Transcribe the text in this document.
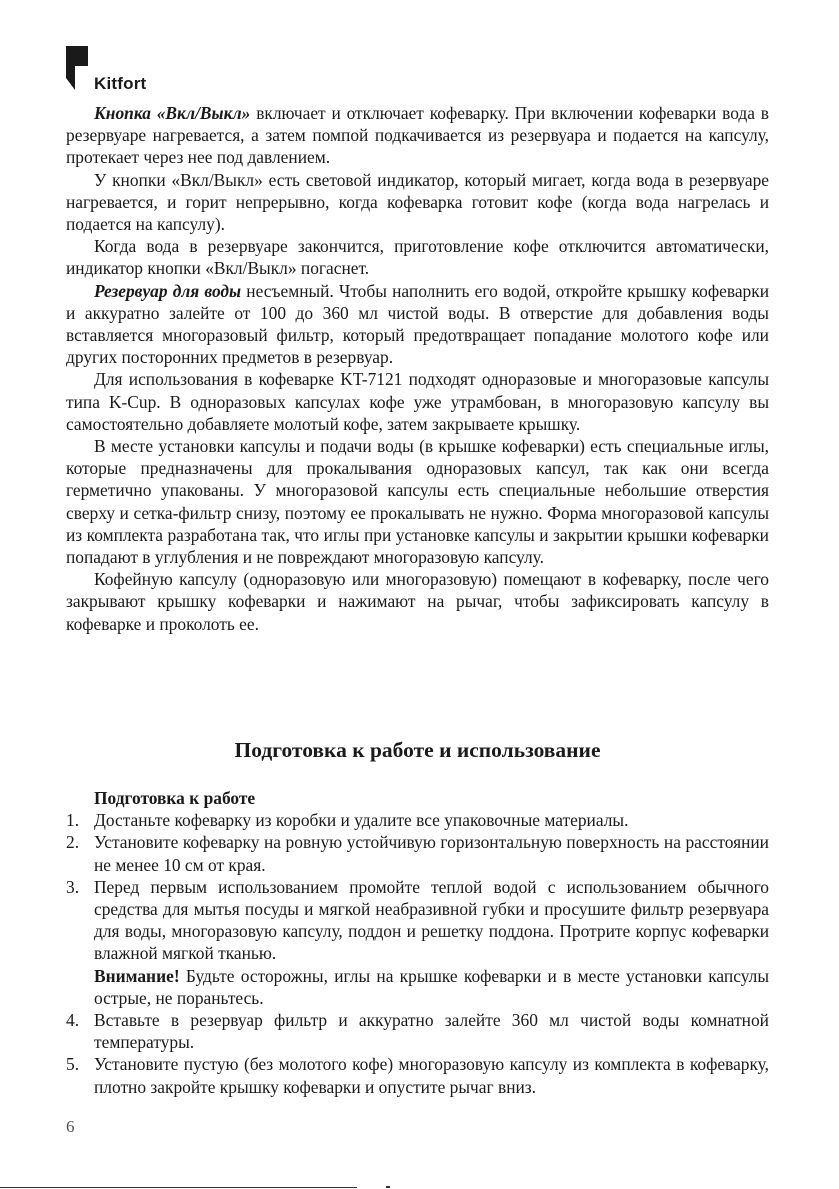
Kitfort

Кнопка «Вкл/Выкл» включает и отключает кофеварку. При включении кофеварки вода в резервуаре нагревается, а затем помпой подкачивается из резервуара и подается на капсулу, протекает через нее под давлением.

У кнопки «Вкл/Выкл» есть световой индикатор, который мигает, когда вода в резервуаре нагревается, и горит непрерывно, когда кофеварка готовит кофе (когда вода нагрелась и подается на капсулу).

Когда вода в резервуаре закончится, приготовление кофе отключится автоматически, индикатор кнопки «Вкл/Выкл» погаснет.

Резервуар для воды несъемный. Чтобы наполнить его водой, откройте крышку кофеварки и аккуратно залейте от 100 до 360 мл чистой воды. В отверстие для добавления воды вставляется многоразовый фильтр, который предотвращает попадание молотого кофе или других посторонних предметов в резервуар.

Для использования в кофеварке KT-7121 подходят одноразовые и многоразовые капсулы типа K-Cup. В одноразовых капсулах кофе уже утрамбован, в многоразовую капсулу вы самостоятельно добавляете молотый кофе, затем закрываете крышку.

В месте установки капсулы и подачи воды (в крышке кофеварки) есть специальные иглы, которые предназначены для прокалывания одноразовых капсул, так как они всегда герметично упакованы. У многоразовой капсулы есть специальные небольшие отверстия сверху и сетка-фильтр снизу, поэтому ее прокалывать не нужно. Форма многоразовой капсулы из комплекта разработана так, что иглы при установке капсулы и закрытии крышки кофеварки попадают в углубления и не повреждают многоразовую капсулу.

Кофейную капсулу (одноразовую или многоразовую) помещают в кофеварку, после чего закрывают крышку кофеварки и нажимают на рычаг, чтобы зафиксировать капсулу в кофеварке и проколоть ее.

Подготовка к работе и использование

Подготовка к работе

1. Достаньте кофеварку из коробки и удалите все упаковочные материалы.
2. Установите кофеварку на ровную устойчивую горизонтальную поверхность на расстоянии не менее 10 см от края.
3. Перед первым использованием промойте теплой водой с использованием обычного средства для мытья посуды и мягкой неабразивной губки и просушите фильтр резервуара для воды, многоразовую капсулу, поддон и решетку поддона. Протрите корпус кофеварки влажной мягкой тканью.

Внимание! Будьте осторожны, иглы на крышке кофеварки и в месте установки капсулы острые, не пораньтесь.

4. Вставьте в резервуар фильтр и аккуратно залейте 360 мл чистой воды комнатной температуры.
5. Установите пустую (без молотого кофе) многоразовую капсулу из комплекта в кофеварку, плотно закройте крышку кофеварки и опустите рычаг вниз.
6
